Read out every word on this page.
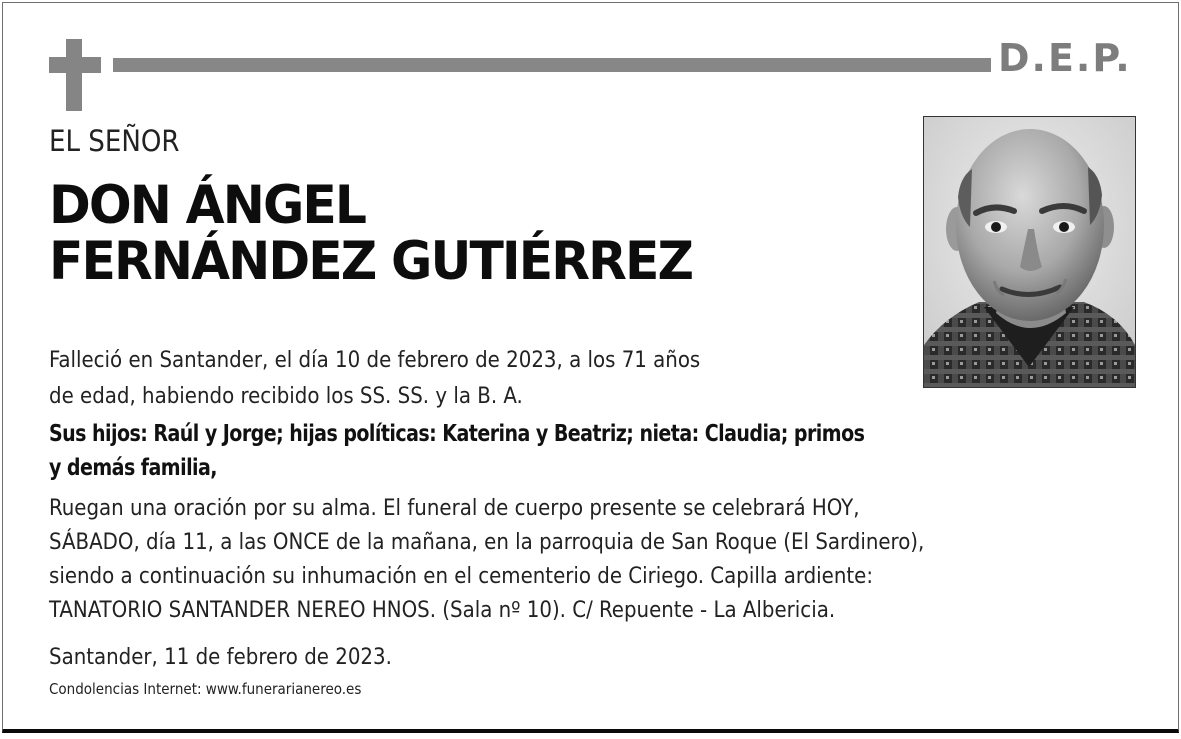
D.E.P.

EL SEÑOR

DON ÁNGEL
FERNÁNDEZ GUTIÉRREZ

Falleció en Santander, el día 10 de febrero de 2023, a los 71 años
de edad, habiendo recibido los SS. SS. y la B. A.

Sus hijos: Raúl y Jorge; hijas políticas: Katerina y Beatriz; nieta: Claudia; primos
y demás familia,

Ruegan una oración por su alma. El funeral de cuerpo presente se celebrará HOY,
SÁBADO, día 11, a las ONCE de la mañana, en la parroquia de San Roque (El Sardinero),
siendo a continuación su inhumación en el cementerio de Ciriego. Capilla ardiente:
TANATORIO SANTANDER NEREO HNOS. (Sala nº 10). C/ Repuente - La Albericia.

Santander, 11 de febrero de 2023.

Condolencias Internet: www.funerarianereo.es
